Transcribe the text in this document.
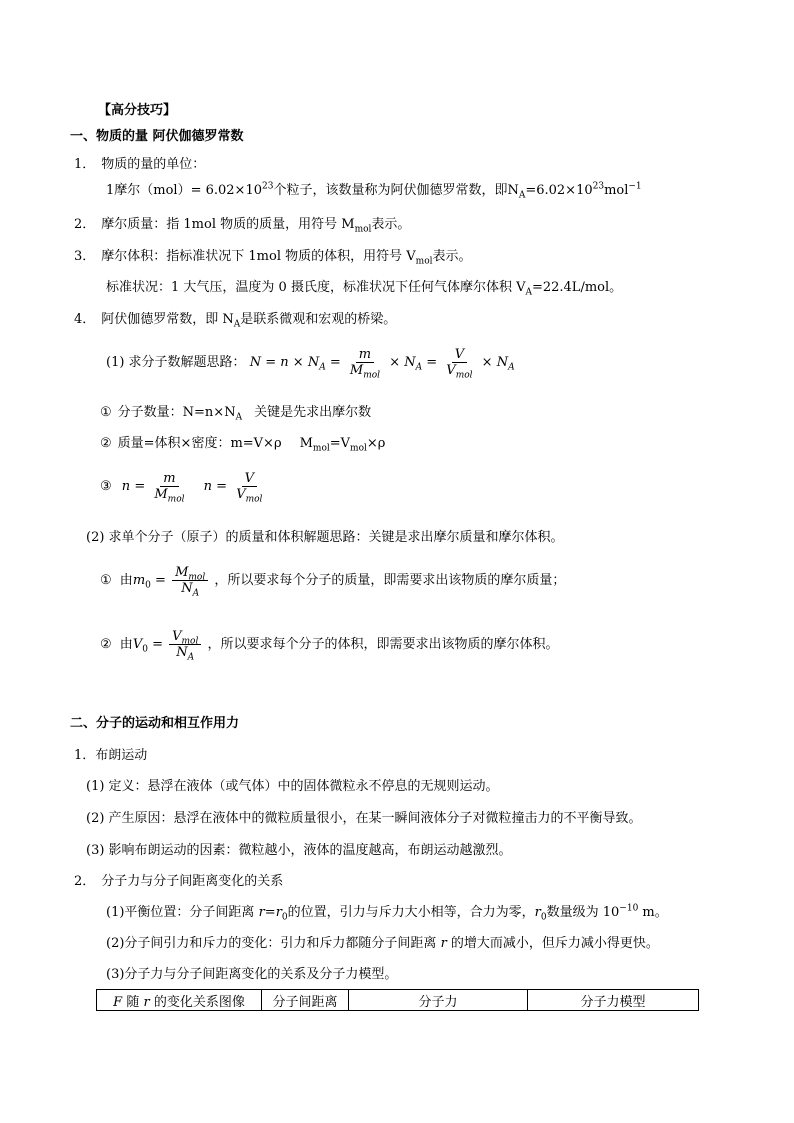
【高分技巧】
一、物质的量 阿伏伽德罗常数
1． 物质的量的单位：
1摩尔$(mol)= 6.02\times 10^{23}$个粒子，该数量称为阿伏伽德罗常数，即$N_A=6.02\times 10^{23}mol^{-1}$
2． 摩尔质量：指 1mol 物质的质量，用符号 $M_{mol}$表示。
3． 摩尔体积：指标准状况下 1mol 物质的体积，用符号 $V_{mol}$表示。
标准状况：1 大气压，温度为 0 摄氏度，标准状况下任何气体摩尔体积 $V_A=22.4L$/mol。
4． 阿伏伽德罗常数，即 $N_A$是联系微观和宏观的桥梁。
(1) 求分子数解题思路： $N = n \times N_A = \frac{m}{M_{mol}} \times N_A = \frac{V}{V_{mol}} \times N_A$
① 分子数量：$N=n\times N_A$ 关键是先求出摩尔数
② 质量=体积×密度：m=V×ρ $M_{mol}=V_{mol}\times\rho$
③ $n = \frac{m}{M_{mol}}$ $n = \frac{V}{V_{mol}}$
(2) 求单个分子（原子）的质量和体积解题思路：关键是求出摩尔质量和摩尔体积。
① 由$m_0 = \frac{M_{mol}}{N_A}$ ，所以要求每个分子的质量，即需要求出该物质的摩尔质量；
② 由$V_0 = \frac{V_{mol}}{N_A}$ ，所以要求每个分子的体积，即需要求出该物质的摩尔体积。
二、分子的运动和相互作用力
1．布朗运动
(1) 定义：悬浮在液体（或气体）中的固体微粒永不停息的无规则运动。
(2) 产生原因：悬浮在液体中的微粒质量很小，在某一瞬间液体分子对微粒撞击力的不平衡导致。
(3) 影响布朗运动的因素：微粒越小，液体的温度越高，布朗运动越激烈。
2． 分子力与分子间距离变化的关系
(1)平衡位置：分子间距离 $r=r_0$的位置，引力与斥力大小相等，合力为零，$r_0$数量级为 $10^{-10}$ m。
(2)分子间引力和斥力的变化：引力和斥力都随分子间距离 r 的增大而减小，但斥力减小得更快。
(3)分子力与分子间距离变化的关系及分子力模型。
F 随 r 的变化关系图像	分子间距离	分子力	分子力模型
